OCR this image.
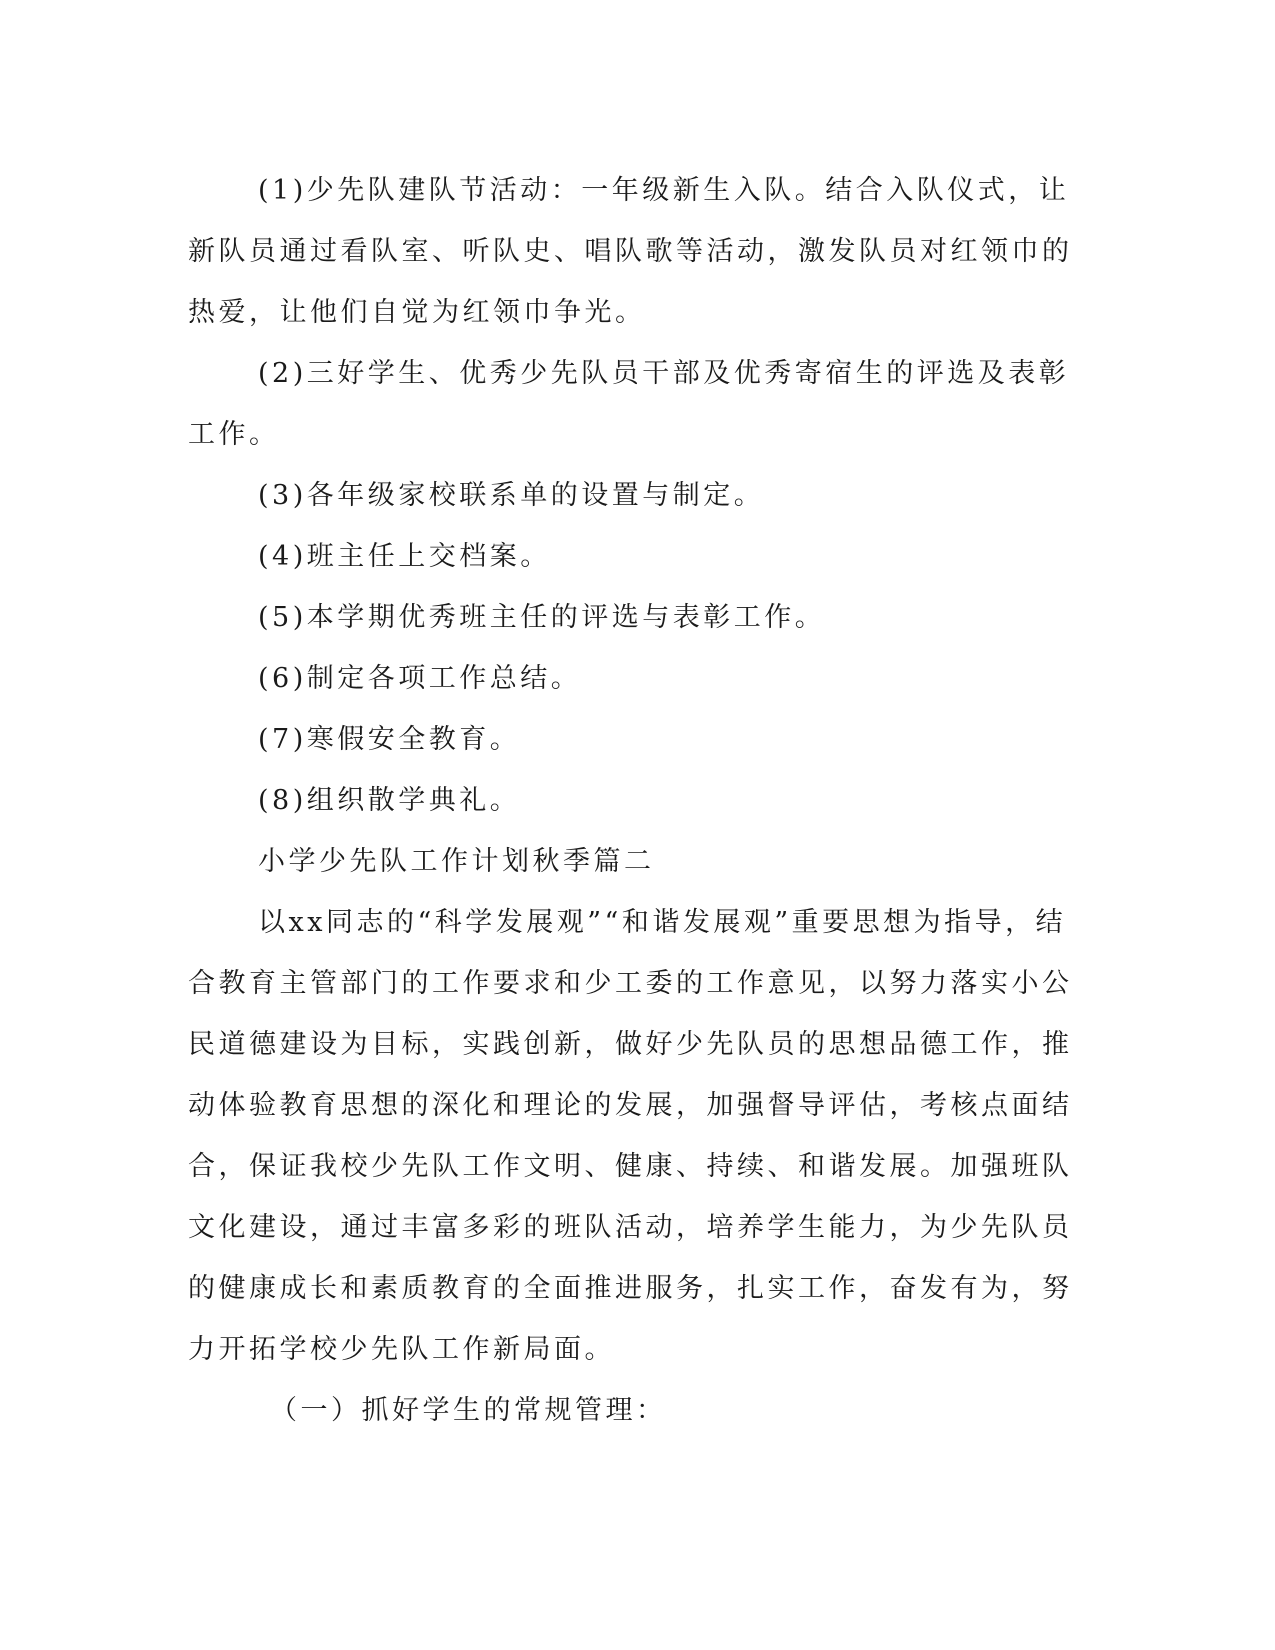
(1)少先队建队节活动：一年级新生入队。结合入队仪式，让新队员通过看队室、听队史、唱队歌等活动，激发队员对红领巾的热爱，让他们自觉为红领巾争光。

(2)三好学生、优秀少先队员干部及优秀寄宿生的评选及表彰工作。

(3)各年级家校联系单的设置与制定。

(4)班主任上交档案。

(5)本学期优秀班主任的评选与表彰工作。

(6)制定各项工作总结。

(7)寒假安全教育。

(8)组织散学典礼。

小学少先队工作计划秋季篇二

以xx同志的“科学发展观”“和谐发展观”重要思想为指导，结合教育主管部门的工作要求和少工委的工作意见，以努力落实小公民道德建设为目标，实践创新，做好少先队员的思想品德工作，推动体验教育思想的深化和理论的发展，加强督导评估，考核点面结合，保证我校少先队工作文明、健康、持续、和谐发展。加强班队文化建设，通过丰富多彩的班队活动，培养学生能力，为少先队员的健康成长和素质教育的全面推进服务，扎实工作，奋发有为，努力开拓学校少先队工作新局面。

（一）抓好学生的常规管理：
